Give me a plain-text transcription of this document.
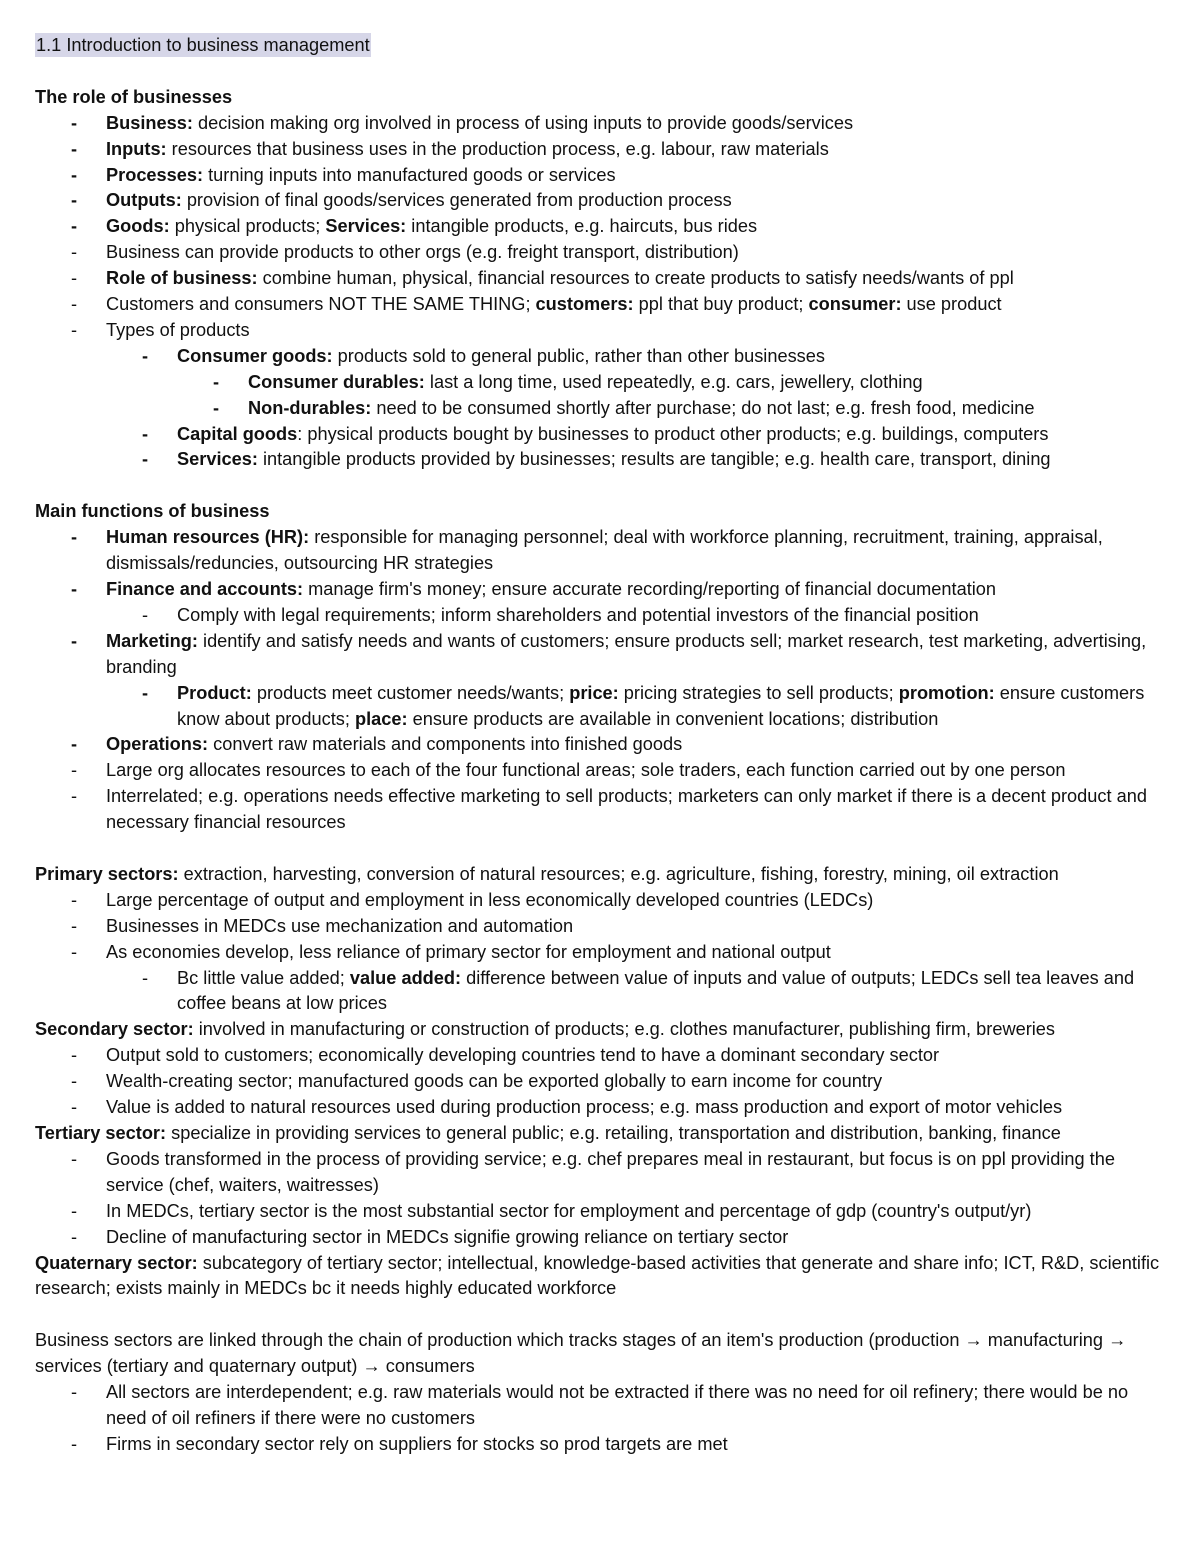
1.1 Introduction to business management
The role of businesses
-	Business: decision making org involved in process of using inputs to provide goods/services
-	Inputs: resources that business uses in the production process, e.g. labour, raw materials
-	Processes: turning inputs into manufactured goods or services
-	Outputs: provision of final goods/services generated from production process
-	Goods: physical products; Services: intangible products, e.g. haircuts, bus rides
-	Business can provide products to other orgs (e.g. freight transport, distribution)
-	Role of business: combine human, physical, financial resources to create products to satisfy needs/wants of ppl
-	Customers and consumers NOT THE SAME THING; customers: ppl that buy product; consumer: use product
-	Types of products
-	Consumer goods: products sold to general public, rather than other businesses
-	Consumer durables: last a long time, used repeatedly, e.g. cars, jewellery, clothing
-	Non-durables: need to be consumed shortly after purchase; do not last; e.g. fresh food, medicine
-	Capital goods: physical products bought by businesses to product other products; e.g. buildings, computers
-	Services: intangible products provided by businesses; results are tangible; e.g. health care, transport, dining
Main functions of business
-	Human resources (HR): responsible for managing personnel; deal with workforce planning, recruitment, training, appraisal, dismissals/reduncies, outsourcing HR strategies
-	Finance and accounts: manage firm's money; ensure accurate recording/reporting of financial documentation
-	Comply with legal requirements; inform shareholders and potential investors of the financial position
-	Marketing: identify and satisfy needs and wants of customers; ensure products sell; market research, test marketing, advertising, branding
-	Product: products meet customer needs/wants; price: pricing strategies to sell products; promotion: ensure customers know about products; place: ensure products are available in convenient locations; distribution
-	Operations: convert raw materials and components into finished goods
-	Large org allocates resources to each of the four functional areas; sole traders, each function carried out by one person
-	Interrelated; e.g. operations needs effective marketing to sell products; marketers can only market if there is a decent product and necessary financial resources
Primary sectors: extraction, harvesting, conversion of natural resources; e.g. agriculture, fishing, forestry, mining, oil extraction
-	Large percentage of output and employment in less economically developed countries (LEDCs)
-	Businesses in MEDCs use mechanization and automation
-	As economies develop, less reliance of primary sector for employment and national output
-	Bc little value added; value added: difference between value of inputs and value of outputs; LEDCs sell tea leaves and coffee beans at low prices
Secondary sector: involved in manufacturing or construction of products; e.g. clothes manufacturer, publishing firm, breweries
-	Output sold to customers; economically developing countries tend to have a dominant secondary sector
-	Wealth-creating sector; manufactured goods can be exported globally to earn income for country
-	Value is added to natural resources used during production process; e.g. mass production and export of motor vehicles
Tertiary sector: specialize in providing services to general public; e.g. retailing, transportation and distribution, banking, finance
-	Goods transformed in the process of providing service; e.g. chef prepares meal in restaurant, but focus is on ppl providing the service (chef, waiters, waitresses)
-	In MEDCs, tertiary sector is the most substantial sector for employment and percentage of gdp (country's output/yr)
-	Decline of manufacturing sector in MEDCs signifie growing reliance on tertiary sector
Quaternary sector: subcategory of tertiary sector; intellectual, knowledge-based activities that generate and share info; ICT, R&D, scientific research; exists mainly in MEDCs bc it needs highly educated workforce
Business sectors are linked through the chain of production which tracks stages of an item's production (production → manufacturing → services (tertiary and quaternary output) → consumers
-	All sectors are interdependent; e.g. raw materials would not be extracted if there was no need for oil refinery; there would be no need of oil refiners if there were no customers
-	Firms in secondary sector rely on suppliers for stocks so prod targets are met
